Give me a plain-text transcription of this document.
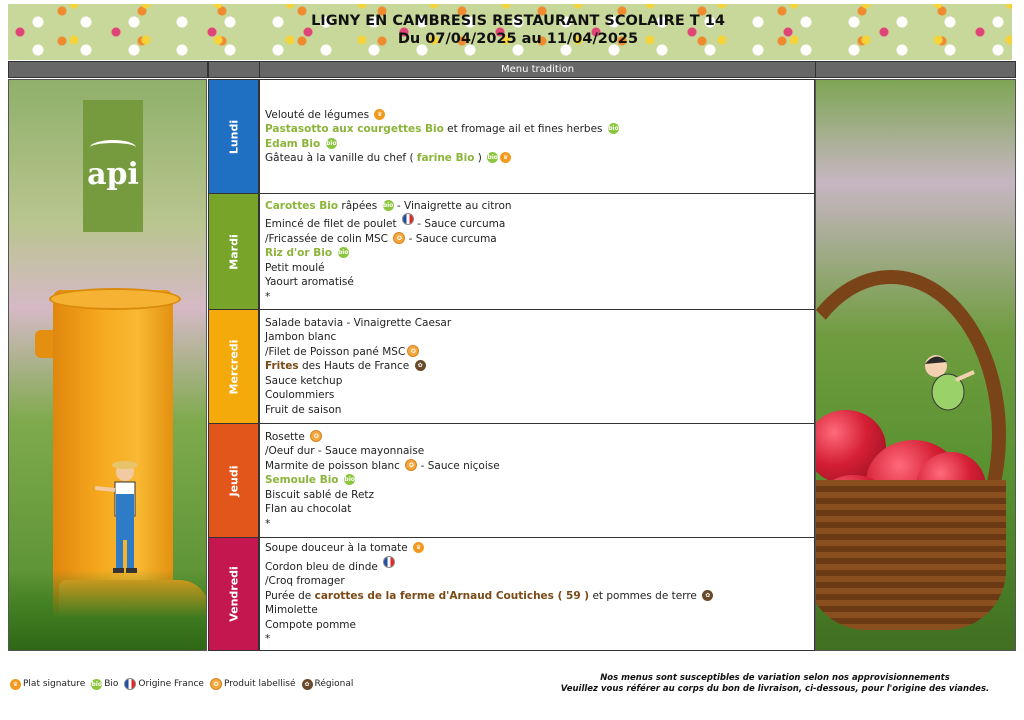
LIGNY EN CAMBRESIS RESTAURANT SCOLAIRE T 14
Du 07/04/2025 au 11/04/2025
Menu tradition
api
Lundi
Mardi
Mercredi
Jeudi
Vendredi
Velouté de légumes ♛
Pastasotto aux courgettes Bio et fromage ail et fines herbes bio
Edam Bio bio
Gâteau à la vanille du chef ( farine Bio ) bio ♛
Carottes Bio râpées bio - Vinaigrette au citron
Emincé de filet de poulet  - Sauce curcuma
/Fricassée de colin MSC ✪ - Sauce curcuma
Riz d'or Bio bio
Petit moulé
Yaourt aromatisé
*
Salade batavia - Vinaigrette Caesar
Jambon blanc
/Filet de Poisson pané MSC ✪
Frites des Hauts de France ✿
Sauce ketchup
Coulommiers
Fruit de saison
Rosette ✪
/Oeuf dur - Sauce mayonnaise
Marmite de poisson blanc ✪ - Sauce niçoise
Semoule Bio bio
Biscuit sablé de Retz
Flan au chocolat
*
Soupe douceur à la tomate ♛
Cordon bleu de dinde
/Croq fromager
Purée de carottes de la ferme d'Arnaud Coutiches ( 59 ) et pommes de terre ✿
Mimolette
Compote pomme
*
♛ Plat signature bio Bio Origine France	✪ Produit labellisé	✿ Régional
Nos menus sont susceptibles de variation selon nos approvisionnements
Veuillez vous référer au corps du bon de livraison, ci-dessous, pour l'origine des viandes.
